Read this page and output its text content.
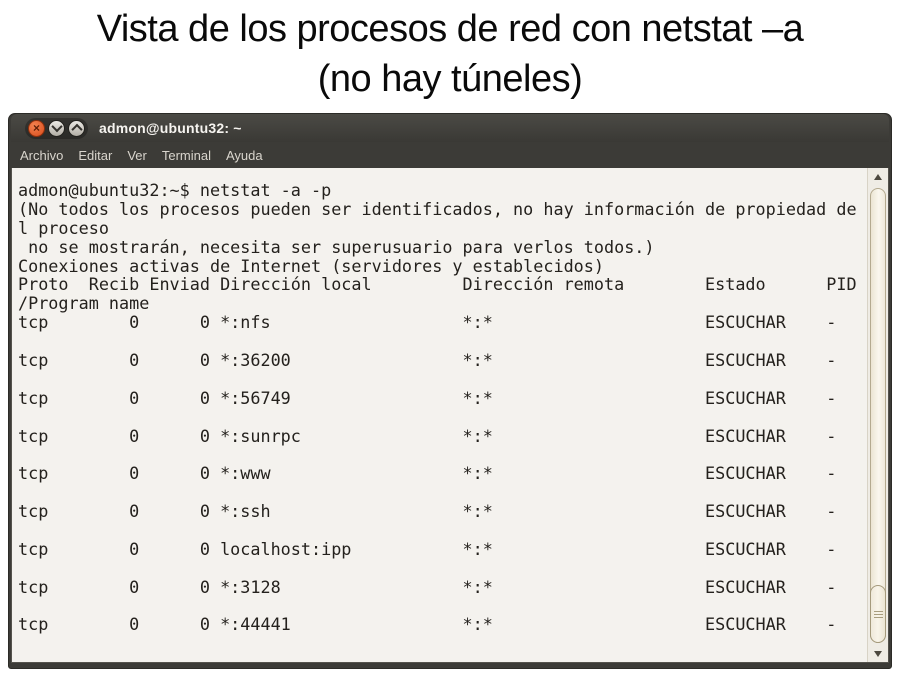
Vista de los procesos de red con netstat –a
(no hay túneles)
×	admon@ubuntu32: ~
Archivo Editar Ver Terminal Ayuda
admon@ubuntu32:~$ netstat -a -p
(No todos los procesos pueden ser identificados, no hay información de propiedad de
l proceso
no se mostrarán, necesita ser superusuario para verlos todos.)
Conexiones activas de Internet (servidores y establecidos)
Proto  Recib Enviad Dirección local         Dirección remota        Estado      PID
/Program name
tcp        0      0 *:nfs                   *:*                     ESCUCHAR    -
tcp        0      0 *:36200                 *:*                     ESCUCHAR    -
tcp        0      0 *:56749                 *:*                     ESCUCHAR    -
tcp        0      0 *:sunrpc                *:*                     ESCUCHAR    -
tcp        0      0 *:www                   *:*                     ESCUCHAR    -
tcp        0      0 *:ssh                   *:*                     ESCUCHAR    -
tcp        0      0 localhost:ipp           *:*                     ESCUCHAR    -
tcp        0      0 *:3128                  *:*                     ESCUCHAR    -
tcp        0      0 *:44441                 *:*                     ESCUCHAR    -
